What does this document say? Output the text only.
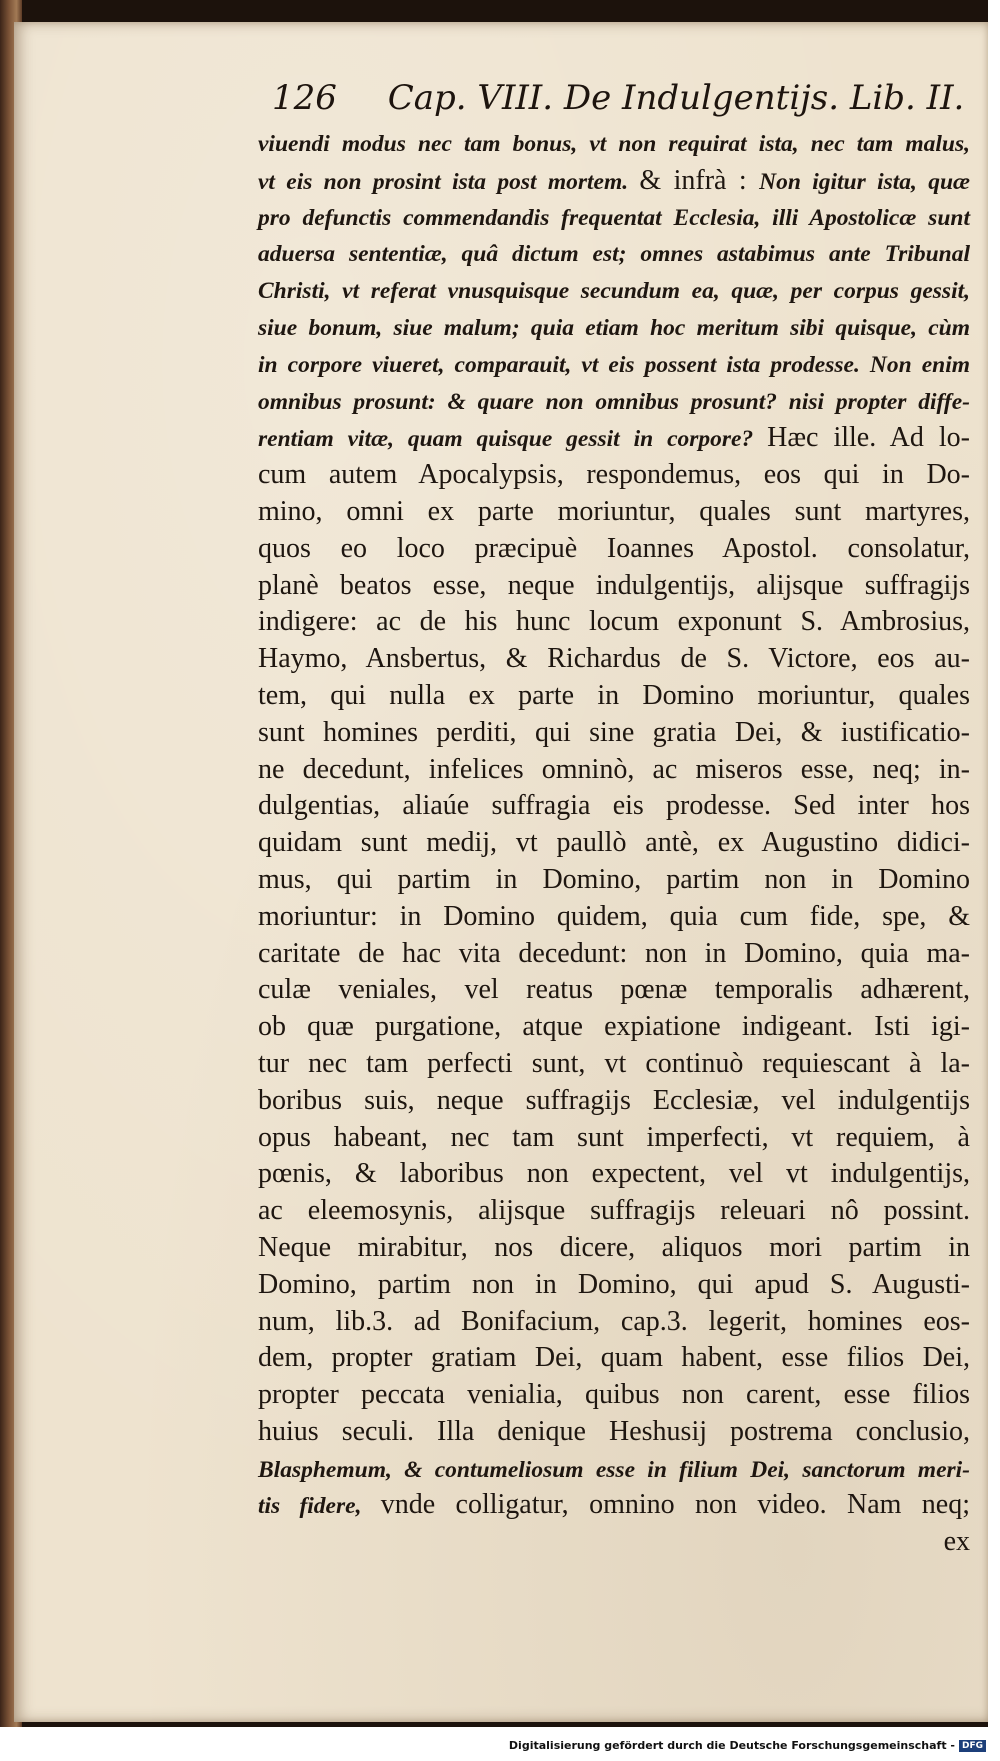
126 Cap. VIII. De Indulgentijs. Lib. II.
viuendi modus nec tam bonus, vt non requirat ista, nec tam malus,
vt eis non prosint ista post mortem. & infrà : Non igitur ista, quæ
pro defunctis commendandis frequentat Ecclesia, illi Apostolicæ sunt
aduersa sententiæ, quâ dictum est; omnes astabimus ante Tribunal
Christi, vt referat vnusquisque secundum ea, quæ, per corpus gessit,
siue bonum, siue malum; quia etiam hoc meritum sibi quisque, cùm
in corpore viueret, comparauit, vt eis possent ista prodesse. Non enim
omnibus prosunt: & quare non omnibus prosunt? nisi propter diffe-
rentiam vitæ, quam quisque gessit in corpore? Hæc ille. Ad lo-
cum autem Apocalypsis, respondemus, eos qui in Do-
mino, omni ex parte moriuntur, quales sunt martyres,
quos eo loco præcipuè Ioannes Apostol. consolatur,
planè beatos esse, neque indulgentijs, alijsque suffragijs
indigere: ac de his hunc locum exponunt S. Ambrosius,
Haymo, Ansbertus, & Richardus de S. Victore, eos au-
tem, qui nulla ex parte in Domino moriuntur, quales
sunt homines perditi, qui sine gratia Dei, & iustificatio-
ne decedunt, infelices omninò, ac miseros esse, neq; in-
dulgentias, aliaúe suffragia eis prodesse. Sed inter hos
quidam sunt medij, vt paullò antè, ex Augustino didici-
mus, qui partim in Domino, partim non in Domino
moriuntur: in Domino quidem, quia cum fide, spe, &
caritate de hac vita decedunt: non in Domino, quia ma-
culæ veniales, vel reatus pœnæ temporalis adhærent,
ob quæ purgatione, atque expiatione indigeant. Isti igi-
tur nec tam perfecti sunt, vt continuò requiescant à la-
boribus suis, neque suffragijs Ecclesiæ, vel indulgentijs
opus habeant, nec tam sunt imperfecti, vt requiem, à
pœnis, & laboribus non expectent, vel vt indulgentijs,
ac eleemosynis, alijsque suffragijs releuari nô possint.
Neque mirabitur, nos dicere, aliquos mori partim in
Domino, partim non in Domino, qui apud S. Augusti-
num, lib.3. ad Bonifacium, cap.3. legerit, homines eos-
dem, propter gratiam Dei, quam habent, esse filios Dei,
propter peccata venialia, quibus non carent, esse filios
huius seculi. Illa denique Heshusij postrema conclusio,
Blasphemum, & contumeliosum esse in filium Dei, sanctorum meri-
tis fidere, vnde colligatur, omnino non video. Nam neq;
ex
Digitalisierung gefördert durch die Deutsche Forschungsgemeinschaft - DFG
